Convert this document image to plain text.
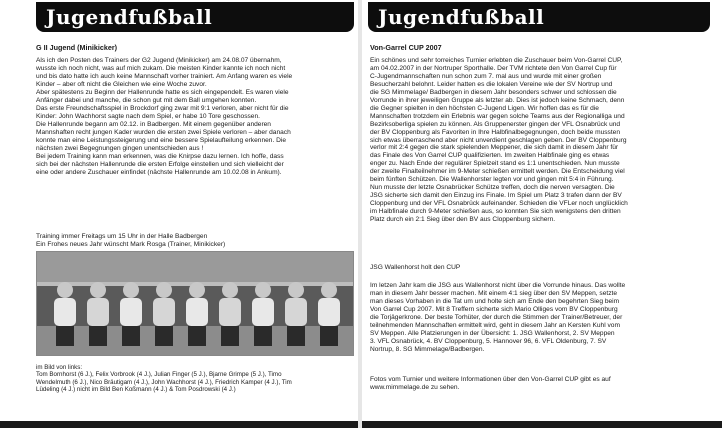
Jugendfußball
G II Jugend (Minikicker)
Als ich den Posten des Trainers der G2 Jugend (Minikicker) am 24.08.07 übernahm,
wusste ich noch nicht, was auf mich zukam. Die meisten Kinder kannte ich noch nicht
und bis dato hatte ich auch keine Mannschaft vorher trainiert. Am Anfang waren es viele
Kinder – aber oft nicht die Gleichen wie eine Woche zuvor.
Aber spätestens zu Beginn der Hallenrunde hatte es sich eingependelt. Es waren viele
Anfänger dabei und manche, die schon gut mit dem Ball umgehen konnten.
Das erste Freundschaftsspiel in Brockdorf ging zwar mit 9:1 verloren, aber nicht für die
Kinder: John Wachhorst sagte nach dem Spiel, er habe 10 Tore geschossen.
Die Hallenrunde begann am 02.12. in Badbergen. Mit einem gegenüber anderen
Mannshaften recht jungen Kader wurden die ersten zwei Spiele verloren – aber danach
konnte man eine Leistungssteigerung und eine bessere Spielaufteilung erkennen. Die
nächsten zwei Begegnungen gingen unentschieden aus !
Bei jedem Training kann man erkennen, was die Knirpse dazu lernen. Ich hoffe, dass
sich bei der nächsten Hallenrunde die ersten Erfolge einstellen und sich vielleicht der
eine oder andere Zuschauer einfindet (nächste Hallenrunde am 10.02.08 in Ankum).
Training immer Freitags um 15 Uhr in der Halle Badbergen
Ein Frohes neues Jahr wünscht Mark Rosga (Trainer, Minikicker)
im Bild von links:
Tom Bornhorst (6 J.), Felix Vorbrook (4 J.), Julian Finger (5 J.), Bjarne Grimpe (5 J.), Timo
Wendelmuth (6 J.), Nico Bräutigam (4 J.), John Wachhorst (4 J.), Friedrich Kamper (4 J.), Tim
Lüdeling (4 J.) nicht im Bild Ben Koßmann (4 J.) & Tom Posdrowski (4 J.)
Jugendfußball
Von-Garrel CUP 2007
Ein schönes und sehr torreiches Turnier erlebten die Zuschauer beim Von-Garrel CUP,
am 04.02.2007 in der Nortruper Sporthalle. Der TVM richtete den Von Garrel Cup für
C-Jugendmannschaften nun schon zum 7. mal aus und wurde mit einer großen
Besucherzahl belohnt. Leider hatten es die lokalen Vereine wie der SV Nortrup und
die SG Mimmelage/ Badbergen in diesem Jahr besonders schwer und schlossen die
Vorrunde in ihrer jeweiligen Gruppe als letzter ab. Dies ist jedoch keine Schmach, denn
die Gegner spielten in den höchsten C-Jugend Ligen. Wir hoffen das es für die
Mannschaften trotzdem ein Erlebnis war gegen solche Teams aus der Regionalliga und
Bezirksoberliga spielen zu können. Als Gruppenerster gingen der VFL Osnabrück und
der BV Cloppenburg als Favoriten in Ihre Halbfinalbegegnungen, doch beide mussten
sich etwas überraschend aber nicht unverdient geschlagen geben. Der BV Cloppenburg
verlor mit 2:4 gegen die stark spielenden Meppener, die sich damit in diesem Jahr für
das Finale des Von Garrel CUP qualifizierten. Im zweiten Halbfinale ging es etwas
enger zu. Nach Ende der regulärer Spielzeit stand es 1:1 unentschieden. Nun musste
der zweite Finalteilnehmer im 9-Meter schießen ermittelt werden. Die Entscheidung viel
beim fünften Schützen. Die Wallenhorster legten vor und gingen mit 5:4 in Führung.
Nun musste der letzte Osnabrücker Schütze treffen, doch die nerven versagten. Die
JSG sicherte sich damit den Einzug ins Finale. Im Spiel um Platz 3 trafen dann der BV
Cloppenburg und der VFL Osnabrück aufeinander. Schieden die VFLer noch unglücklich
im Halbfinale durch 9-Meter schießen aus, so konnten Sie sich wenigstens den dritten
Platz durch ein 2:1 Sieg über den BV aus Cloppenburg sichern.
JSG Wallenhorst holt den CUP
Im letzen Jahr kam die JSG aus Wallenhorst nicht über die Vorrunde hinaus. Das wollte
man in diesem Jahr besser machen. Mit einem 4:1 sieg über den SV Meppen, setzte
man dieses Vorhaben in die Tat um und holte sich am Ende den begehrten Sieg beim
Von Garrel Cup 2007. Mit 8 Treffern sicherte sich Mario Olliges vom BV Cloppenburg
die Torjägerkrone. Der beste Torhüter, der durch die Stimmen der Trainer/Betreuer, der
teilnehmenden Mannschaften ermittelt wird, geht in diesem Jahr an Kersten Kuhl vom
SV Meppen. Alle Platzierungen in der Übersicht: 1. JSG Wallenhorst, 2. SV Meppen
3. VFL Osnabrück, 4. BV Cloppenburg, 5. Hannover 96, 6. VFL Oldenburg, 7. SV
Nortrup, 8. SG Mimmelage/Badbergen.
Fotos vom Turnier und weitere Informationen über den Von-Garrel CUP gibt es auf
www.mimmelage.de zu sehen.
